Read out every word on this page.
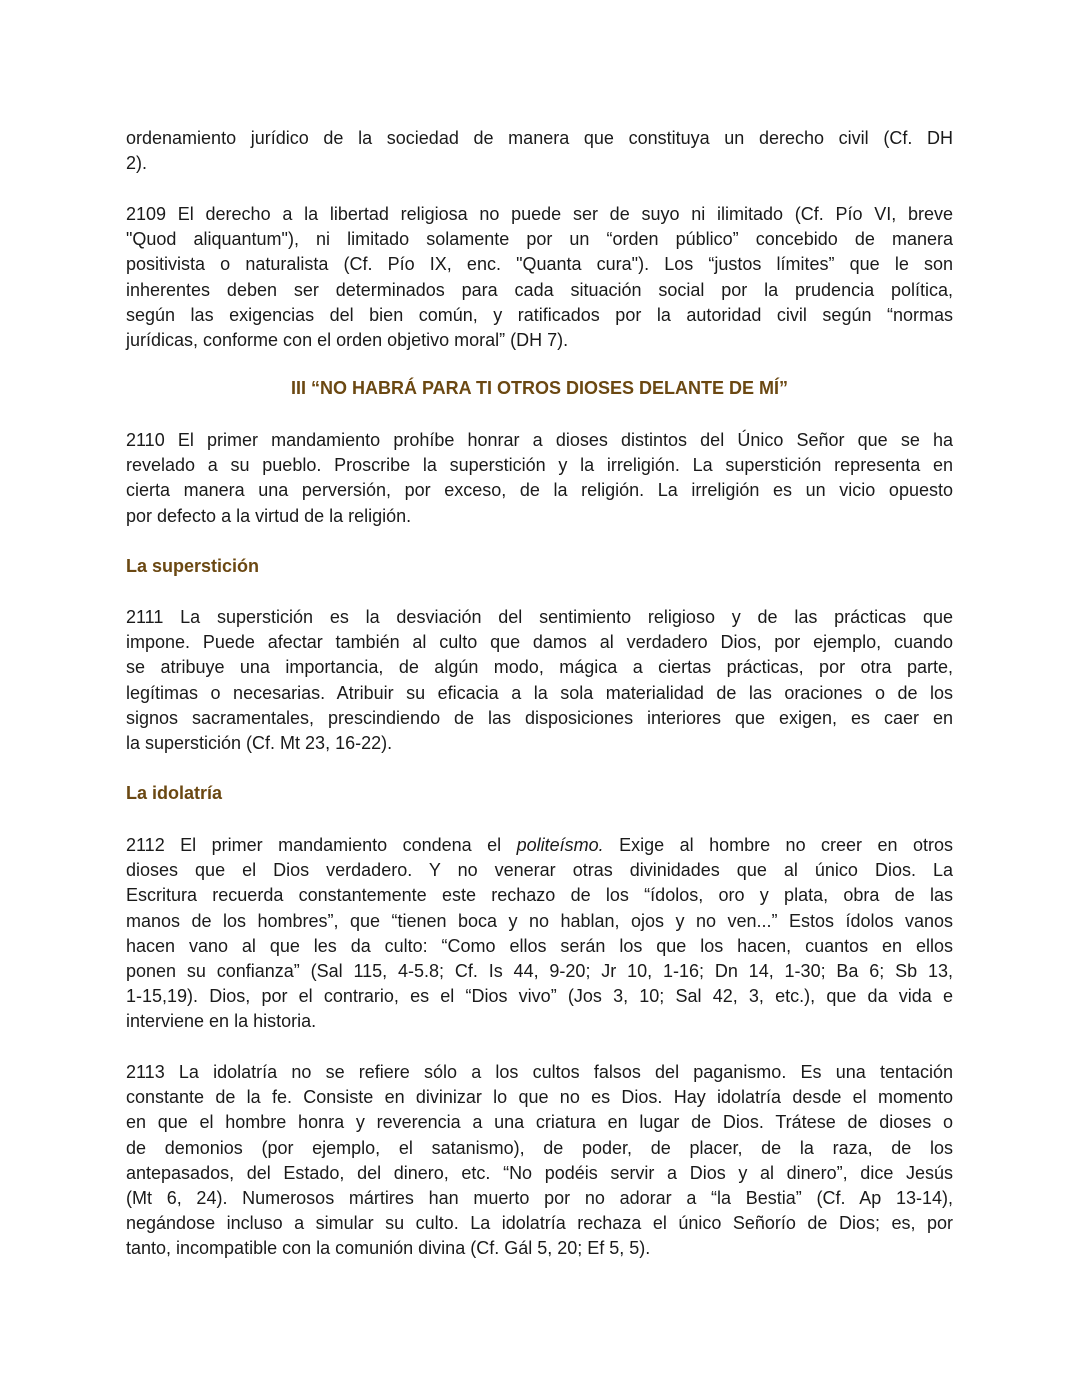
ordenamiento jurídico de la sociedad de manera que constituya un derecho civil (Cf. DH
2).
2109 El derecho a la libertad religiosa no puede ser de suyo ni ilimitado (Cf. Pío VI, breve
"Quod aliquantum"), ni limitado solamente por un “orden público” concebido de manera
positivista o naturalista (Cf. Pío IX, enc. "Quanta cura"). Los “justos límites” que le son
inherentes deben ser determinados para cada situación social por la prudencia política,
según las exigencias del bien común, y ratificados por la autoridad civil según “normas
jurídicas, conforme con el orden objetivo moral” (DH 7).
III “NO HABRÁ PARA TI OTROS DIOSES DELANTE DE MÍ”
2110 El primer mandamiento prohíbe honrar a dioses distintos del Único Señor que se ha
revelado a su pueblo. Proscribe la superstición y la irreligión. La superstición representa en
cierta manera una perversión, por exceso, de la religión. La irreligión es un vicio opuesto
por defecto a la virtud de la religión.
La superstición
2111 La superstición es la desviación del sentimiento religioso y de las prácticas que
impone. Puede afectar también al culto que damos al verdadero Dios, por ejemplo, cuando
se atribuye una importancia, de algún modo, mágica a ciertas prácticas, por otra parte,
legítimas o necesarias. Atribuir su eficacia a la sola materialidad de las oraciones o de los
signos sacramentales, prescindiendo de las disposiciones interiores que exigen, es caer en
la superstición (Cf. Mt 23, 16-22).
La idolatría
2112 El primer mandamiento condena el politeísmo. Exige al hombre no creer en otros
dioses que el Dios verdadero. Y no venerar otras divinidades que al único Dios. La
Escritura recuerda constantemente este rechazo de los “ídolos, oro y plata, obra de las
manos de los hombres”, que “tienen boca y no hablan, ojos y no ven...” Estos ídolos vanos
hacen vano al que les da culto: “Como ellos serán los que los hacen, cuantos en ellos
ponen su confianza” (Sal 115, 4-5.8; Cf. Is 44, 9-20; Jr 10, 1-16; Dn 14, 1-30; Ba 6; Sb 13,
1-15,19). Dios, por el contrario, es el “Dios vivo” (Jos 3, 10; Sal 42, 3, etc.), que da vida e
interviene en la historia.
2113 La idolatría no se refiere sólo a los cultos falsos del paganismo. Es una tentación
constante de la fe. Consiste en divinizar lo que no es Dios. Hay idolatría desde el momento
en que el hombre honra y reverencia a una criatura en lugar de Dios. Trátese de dioses o
de demonios (por ejemplo, el satanismo), de poder, de placer, de la raza, de los
antepasados, del Estado, del dinero, etc. “No podéis servir a Dios y al dinero”, dice Jesús
(Mt 6, 24). Numerosos mártires han muerto por no adorar a “la Bestia” (Cf. Ap 13-14),
negándose incluso a simular su culto. La idolatría rechaza el único Señorío de Dios; es, por
tanto, incompatible con la comunión divina (Cf. Gál 5, 20; Ef 5, 5).
